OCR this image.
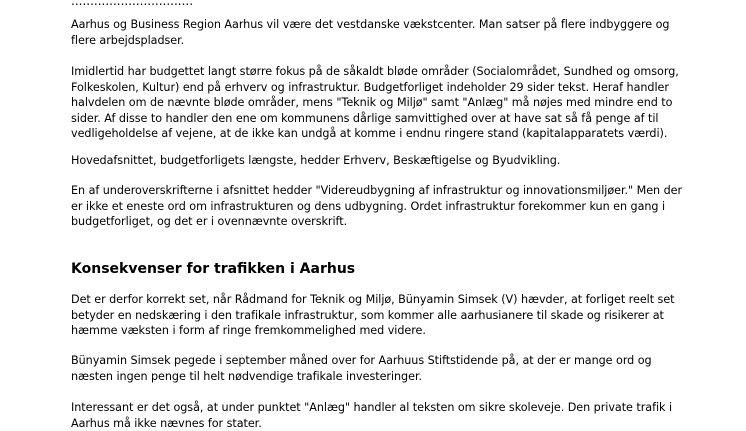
................................

Aarhus og Business Region Aarhus vil være det vestdanske vækstcenter. Man satser på flere indbyggere og flere arbejdspladser.

Imidlertid har budgettet langt større fokus på de såkaldt bløde områder (Socialområdet, Sundhed og omsorg, Folkeskolen, Kultur) end på erhverv og infrastruktur. Budgetforliget indeholder 29 sider tekst. Heraf handler halvdelen om de nævnte bløde områder, mens "Teknik og Miljø" samt "Anlæg" må nøjes med mindre end to sider. Af disse to handler den ene om kommunens dårlige samvittighed over at have sat så få penge af til vedligeholdelse af vejene, at de ikke kan undgå at komme i endnu ringere stand (kapitalapparatets værdi).

Hovedafsnittet, budgetforligets længste, hedder Erhverv, Beskæftigelse og Byudvikling.

En af underoverskrifterne i afsnittet hedder "Videreudbygning af infrastruktur og innovationsmiljøer." Men der er ikke et eneste ord om infrastrukturen og dens udbygning. Ordet infrastruktur forekommer kun en gang i budgetforliget, og det er i ovennævnte overskrift.

Konsekvenser for trafikken i Aarhus

Det er derfor korrekt set, når Rådmand for Teknik og Miljø, Bünyamin Simsek (V) hævder, at forliget reelt set betyder en nedskæring i den trafikale infrastruktur, som kommer alle aarhusianere til skade og risikerer at hæmme væksten i form af ringe fremkommelighed med videre.

Bünyamin Simsek pegede i september måned over for Aarhuus Stiftstidende på, at der er mange ord og næsten ingen penge til helt nødvendige trafikale investeringer.

Interessant er det også, at under punktet "Anlæg" handler al teksten om sikre skoleveje. Den private trafik i Aarhus må ikke nævnes for stater.
